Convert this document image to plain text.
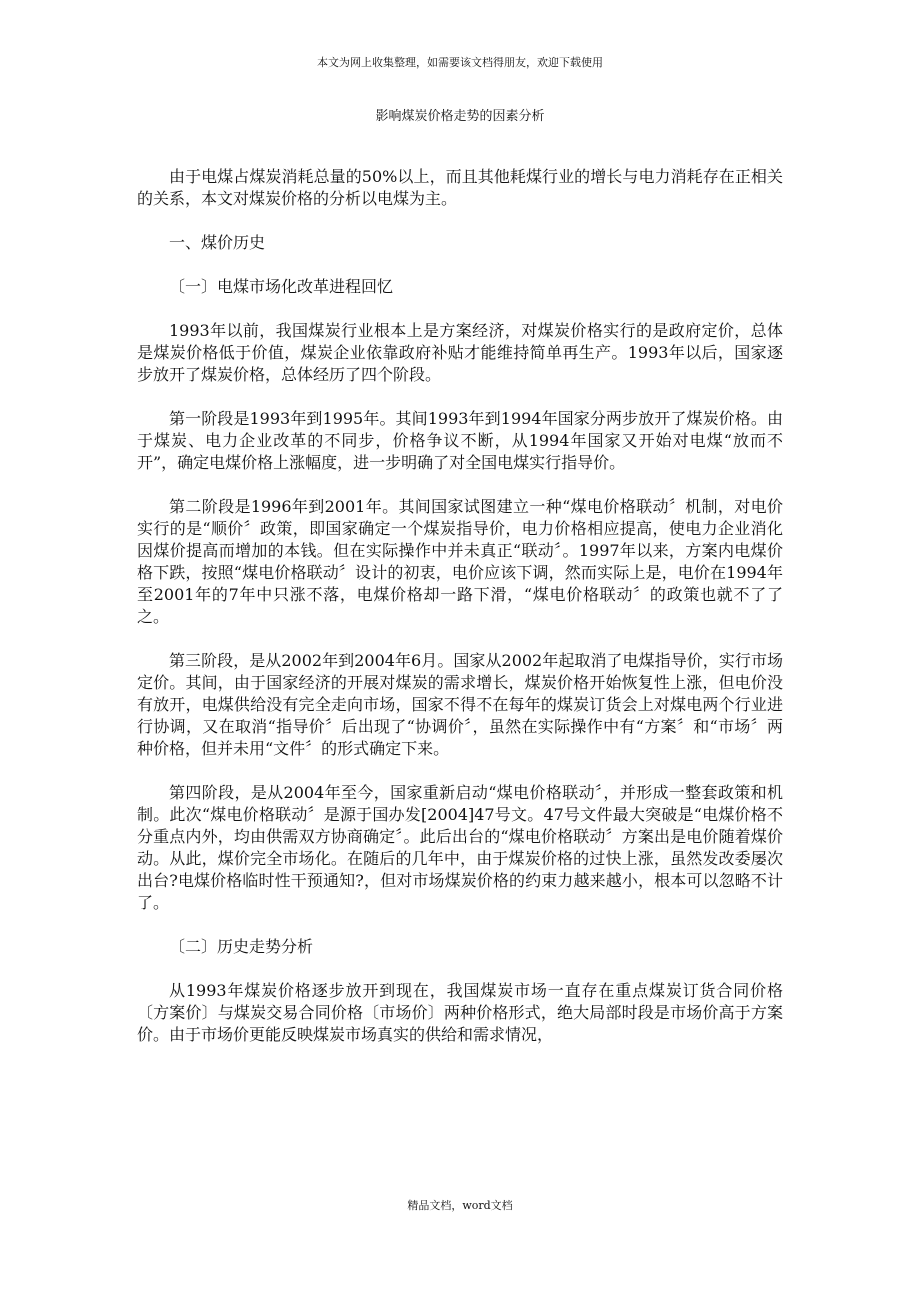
本文为网上收集整理，如需要该文档得朋友，欢迎下载使用
影响煤炭价格走势的因素分析

由于电煤占煤炭消耗总量的50%以上，而且其他耗煤行业的增长与电力消耗存在正相关的关系，本文对煤炭价格的分析以电煤为主。

一、煤价历史

〔一〕电煤市场化改革进程回忆

1993年以前，我国煤炭行业根本上是方案经济，对煤炭价格实行的是政府定价，总体是煤炭价格低于价值，煤炭企业依靠政府补贴才能维持简单再生产。1993年以后，国家逐步放开了煤炭价格，总体经历了四个阶段。

第一阶段是1993年到1995年。其间1993年到1994年国家分两步放开了煤炭价格。由于煤炭、电力企业改革的不同步，价格争议不断，从1994年国家又开始对电煤“放而不开”，确定电煤价格上涨幅度，进一步明确了对全国电煤实行指导价。

第二阶段是1996年到2001年。其间国家试图建立一种“煤电价格联动〞机制，对电价实行的是“顺价〞政策，即国家确定一个煤炭指导价，电力价格相应提高，使电力企业消化因煤价提高而增加的本钱。但在实际操作中并未真正“联动〞。1997年以来，方案内电煤价格下跌，按照“煤电价格联动〞设计的初衷，电价应该下调，然而实际上是，电价在1994年至2001年的7年中只涨不落，电煤价格却一路下滑，“煤电价格联动〞的政策也就不了了之。

第三阶段，是从2002年到2004年6月。国家从2002年起取消了电煤指导价，实行市场定价。其间，由于国家经济的开展对煤炭的需求增长，煤炭价格开始恢复性上涨，但电价没有放开，电煤供给没有完全走向市场，国家不得不在每年的煤炭订货会上对煤电两个行业进行协调，又在取消“指导价〞后出现了“协调价〞，虽然在实际操作中有“方案〞和“市场〞两种价格，但并未用“文件〞的形式确定下来。

第四阶段，是从2004年至今，国家重新启动“煤电价格联动〞，并形成一整套政策和机制。此次“煤电价格联动〞是源于国办发[2004]47号文。47号文件最大突破是“电煤价格不分重点内外，均由供需双方协商确定〞。此后出台的“煤电价格联动〞方案出是电价随着煤价动。从此，煤价完全市场化。在随后的几年中，由于煤炭价格的过快上涨，虽然发改委屡次出台?电煤价格临时性干预通知?，但对市场煤炭价格的约束力越来越小，根本可以忽略不计了。

〔二〕历史走势分析

从1993年煤炭价格逐步放开到现在，我国煤炭市场一直存在重点煤炭订货合同价格〔方案价〕与煤炭交易合同价格〔市场价〕两种价格形式，绝大局部时段是市场价高于方案价。由于市场价更能反映煤炭市场真实的供给和需求情况，

精品文档，word文档
